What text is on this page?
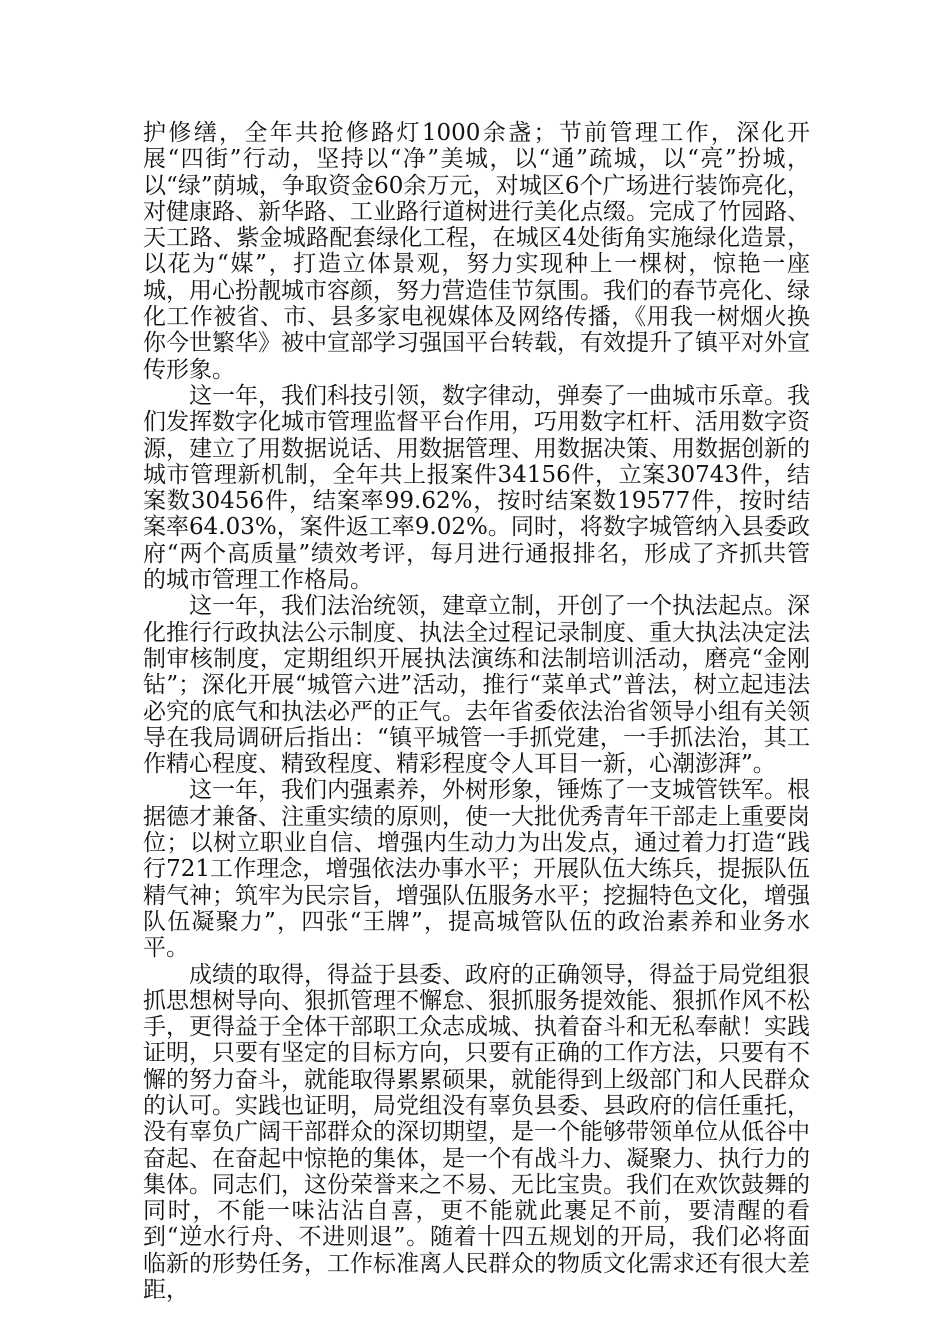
护修缮，全年共抢修路灯1000余盏；节前管理工作，深化开展“四街”行动，坚持以“净”美城，以“通”疏城，以“亮”扮城，以“绿”荫城，争取资金60余万元，对城区6个广场进行装饰亮化，对健康路、新华路、工业路行道树进行美化点缀。完成了竹园路、天工路、紫金城路配套绿化工程，在城区4处街角实施绿化造景，以花为“媒”，打造立体景观，努力实现种上一棵树，惊艳一座城，用心扮靓城市容颜，努力营造佳节氛围。我们的春节亮化、绿化工作被省、市、县多家电视媒体及网络传播，《用我一树烟火换你今世繁华》被中宣部学习强国平台转载，有效提升了镇平对外宣传形象。

这一年，我们科技引领，数字律动，弹奏了一曲城市乐章。我们发挥数字化城市管理监督平台作用，巧用数字杠杆、活用数字资源，建立了用数据说话、用数据管理、用数据决策、用数据创新的城市管理新机制，全年共上报案件34156件，立案30743件，结案数30456件，结案率99.62%，按时结案数19577件，按时结案率64.03%，案件返工率9.02%。同时，将数字城管纳入县委政府“两个高质量”绩效考评，每月进行通报排名，形成了齐抓共管的城市管理工作格局。

这一年，我们法治统领，建章立制，开创了一个执法起点。深化推行行政执法公示制度、执法全过程记录制度、重大执法决定法制审核制度，定期组织开展执法演练和法制培训活动，磨亮“金刚钻”；深化开展“城管六进”活动，推行“菜单式”普法，树立起违法必究的底气和执法必严的正气。去年省委依法治省领导小组有关领导在我局调研后指出：“镇平城管一手抓党建，一手抓法治，其工作精心程度、精致程度、精彩程度令人耳目一新，心潮澎湃”。

这一年，我们内强素养，外树形象，锤炼了一支城管铁军。根据德才兼备、注重实绩的原则，使一大批优秀青年干部走上重要岗位；以树立职业自信、增强内生动力为出发点，通过着力打造“践行721工作理念，增强依法办事水平；开展队伍大练兵，提振队伍精气神；筑牢为民宗旨，增强队伍服务水平；挖掘特色文化，增强队伍凝聚力”，四张“王牌”，提高城管队伍的政治素养和业务水平。

成绩的取得，得益于县委、政府的正确领导，得益于局党组狠抓思想树导向、狠抓管理不懈怠、狠抓服务提效能、狠抓作风不松手，更得益于全体干部职工众志成城、执着奋斗和无私奉献！实践证明，只要有坚定的目标方向，只要有正确的工作方法，只要有不懈的努力奋斗，就能取得累累硕果，就能得到上级部门和人民群众的认可。实践也证明，局党组没有辜负县委、县政府的信任重托，没有辜负广阔干部群众的深切期望，是一个能够带领单位从低谷中奋起、在奋起中惊艳的集体，是一个有战斗力、凝聚力、执行力的集体。同志们，这份荣誉来之不易、无比宝贵。我们在欢饮鼓舞的同时，不能一味沾沾自喜，更不能就此裹足不前，要清醒的看到“逆水行舟、不进则退”。随着十四五规划的开局，我们必将面临新的形势任务，工作标准离人民群众的物质文化需求还有很大差距，
